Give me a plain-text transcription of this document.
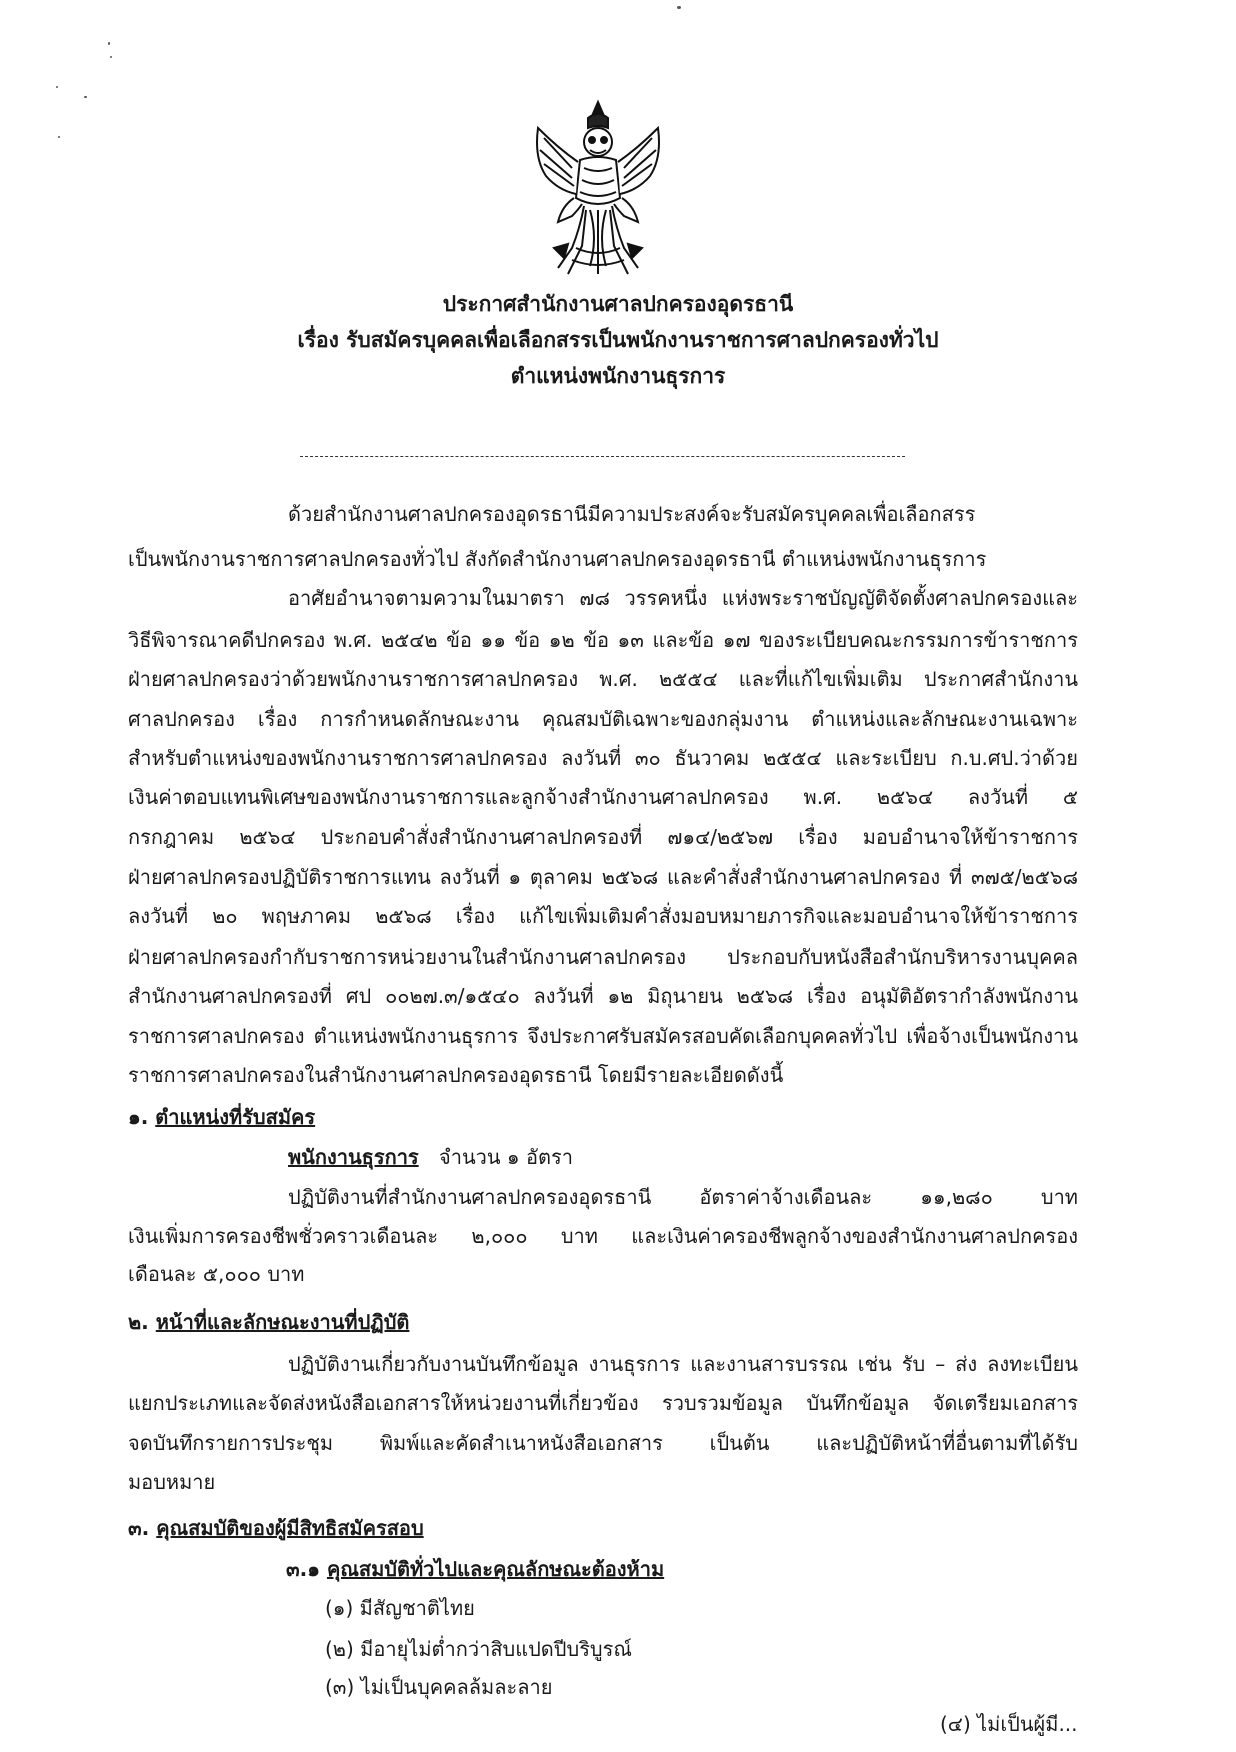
ประกาศสำนักงานศาลปกครองอุดรธานี
เรื่อง รับสมัครบุคคลเพื่อเลือกสรรเป็นพนักงานราชการศาลปกครองทั่วไป
ตำแหน่งพนักงานธุรการ
ด้วยสำนักงานศาลปกครองอุดรธานีมีความประสงค์จะรับสมัครบุคคลเพื่อเลือกสรร
เป็นพนักงานราชการศาลปกครองทั่วไป สังกัดสำนักงานศาลปกครองอุดรธานี ตำแหน่งพนักงานธุรการ
อาศัยอำนาจตามความในมาตรา ๗๘ วรรคหนึ่ง แห่งพระราชบัญญัติจัดตั้งศาลปกครองและ
วิธีพิจารณาคดีปกครอง พ.ศ. ๒๕๔๒ ข้อ ๑๑ ข้อ ๑๒ ข้อ ๑๓ และข้อ ๑๗ ของระเบียบคณะกรรมการข้าราชการ
ฝ่ายศาลปกครองว่าด้วยพนักงานราชการศาลปกครอง พ.ศ. ๒๕๕๔ และที่แก้ไขเพิ่มเติม ประกาศสำนักงาน
ศาลปกครอง เรื่อง การกำหนดลักษณะงาน คุณสมบัติเฉพาะของกลุ่มงาน ตำแหน่งและลักษณะงานเฉพาะ
สำหรับตำแหน่งของพนักงานราชการศาลปกครอง ลงวันที่ ๓๐ ธันวาคม ๒๕๕๔ และระเบียบ ก.บ.ศป.ว่าด้วย
เงินค่าตอบแทนพิเศษของพนักงานราชการและลูกจ้างสำนักงานศาลปกครอง พ.ศ. ๒๕๖๔ ลงวันที่ ๕
กรกฎาคม ๒๕๖๔ ประกอบคำสั่งสำนักงานศาลปกครองที่ ๗๑๔/๒๕๖๗ เรื่อง มอบอำนาจให้ข้าราชการ
ฝ่ายศาลปกครองปฏิบัติราชการแทน ลงวันที่ ๑ ตุลาคม ๒๕๖๘ และคำสั่งสำนักงานศาลปกครอง ที่ ๓๗๕/๒๕๖๘
ลงวันที่ ๒๐ พฤษภาคม ๒๕๖๘ เรื่อง แก้ไขเพิ่มเติมคำสั่งมอบหมายภารกิจและมอบอำนาจให้ข้าราชการ
ฝ่ายศาลปกครองกำกับราชการหน่วยงานในสำนักงานศาลปกครอง ประกอบกับหนังสือสำนักบริหารงานบุคคล
สำนักงานศาลปกครองที่ ศป ๐๐๒๗.๓/๑๕๔๐ ลงวันที่ ๑๒ มิถุนายน ๒๕๖๘ เรื่อง อนุมัติอัตรากำลังพนักงาน
ราชการศาลปกครอง ตำแหน่งพนักงานธุรการ จึงประกาศรับสมัครสอบคัดเลือกบุคคลทั่วไป เพื่อจ้างเป็นพนักงาน
ราชการศาลปกครองในสำนักงานศาลปกครองอุดรธานี โดยมีรายละเอียดดังนี้
๑. ตำแหน่งที่รับสมัคร
พนักงานธุรการ จำนวน ๑ อัตรา
ปฏิบัติงานที่สำนักงานศาลปกครองอุดรธานี อัตราค่าจ้างเดือนละ ๑๑,๒๘๐ บาท
เงินเพิ่มการครองชีพชั่วคราวเดือนละ ๒,๐๐๐ บาท และเงินค่าครองชีพลูกจ้างของสำนักงานศาลปกครอง
เดือนละ ๕,๐๐๐ บาท
๒. หน้าที่และลักษณะงานที่ปฏิบัติ
ปฏิบัติงานเกี่ยวกับงานบันทึกข้อมูล งานธุรการ และงานสารบรรณ เช่น รับ – ส่ง ลงทะเบียน
แยกประเภทและจัดส่งหนังสือเอกสารให้หน่วยงานที่เกี่ยวข้อง รวบรวมข้อมูล บันทึกข้อมูล จัดเตรียมเอกสาร
จดบันทึกรายการประชุม พิมพ์และคัดสำเนาหนังสือเอกสาร เป็นต้น และปฏิบัติหน้าที่อื่นตามที่ได้รับ
มอบหมาย
๓. คุณสมบัติของผู้มีสิทธิสมัครสอบ
๓.๑ คุณสมบัติทั่วไปและคุณลักษณะต้องห้าม
(๑) มีสัญชาติไทย
(๒) มีอายุไม่ต่ำกว่าสิบแปดปีบริบูรณ์
(๓) ไม่เป็นบุคคลล้มละลาย
(๔) ไม่เป็นผู้มี...
